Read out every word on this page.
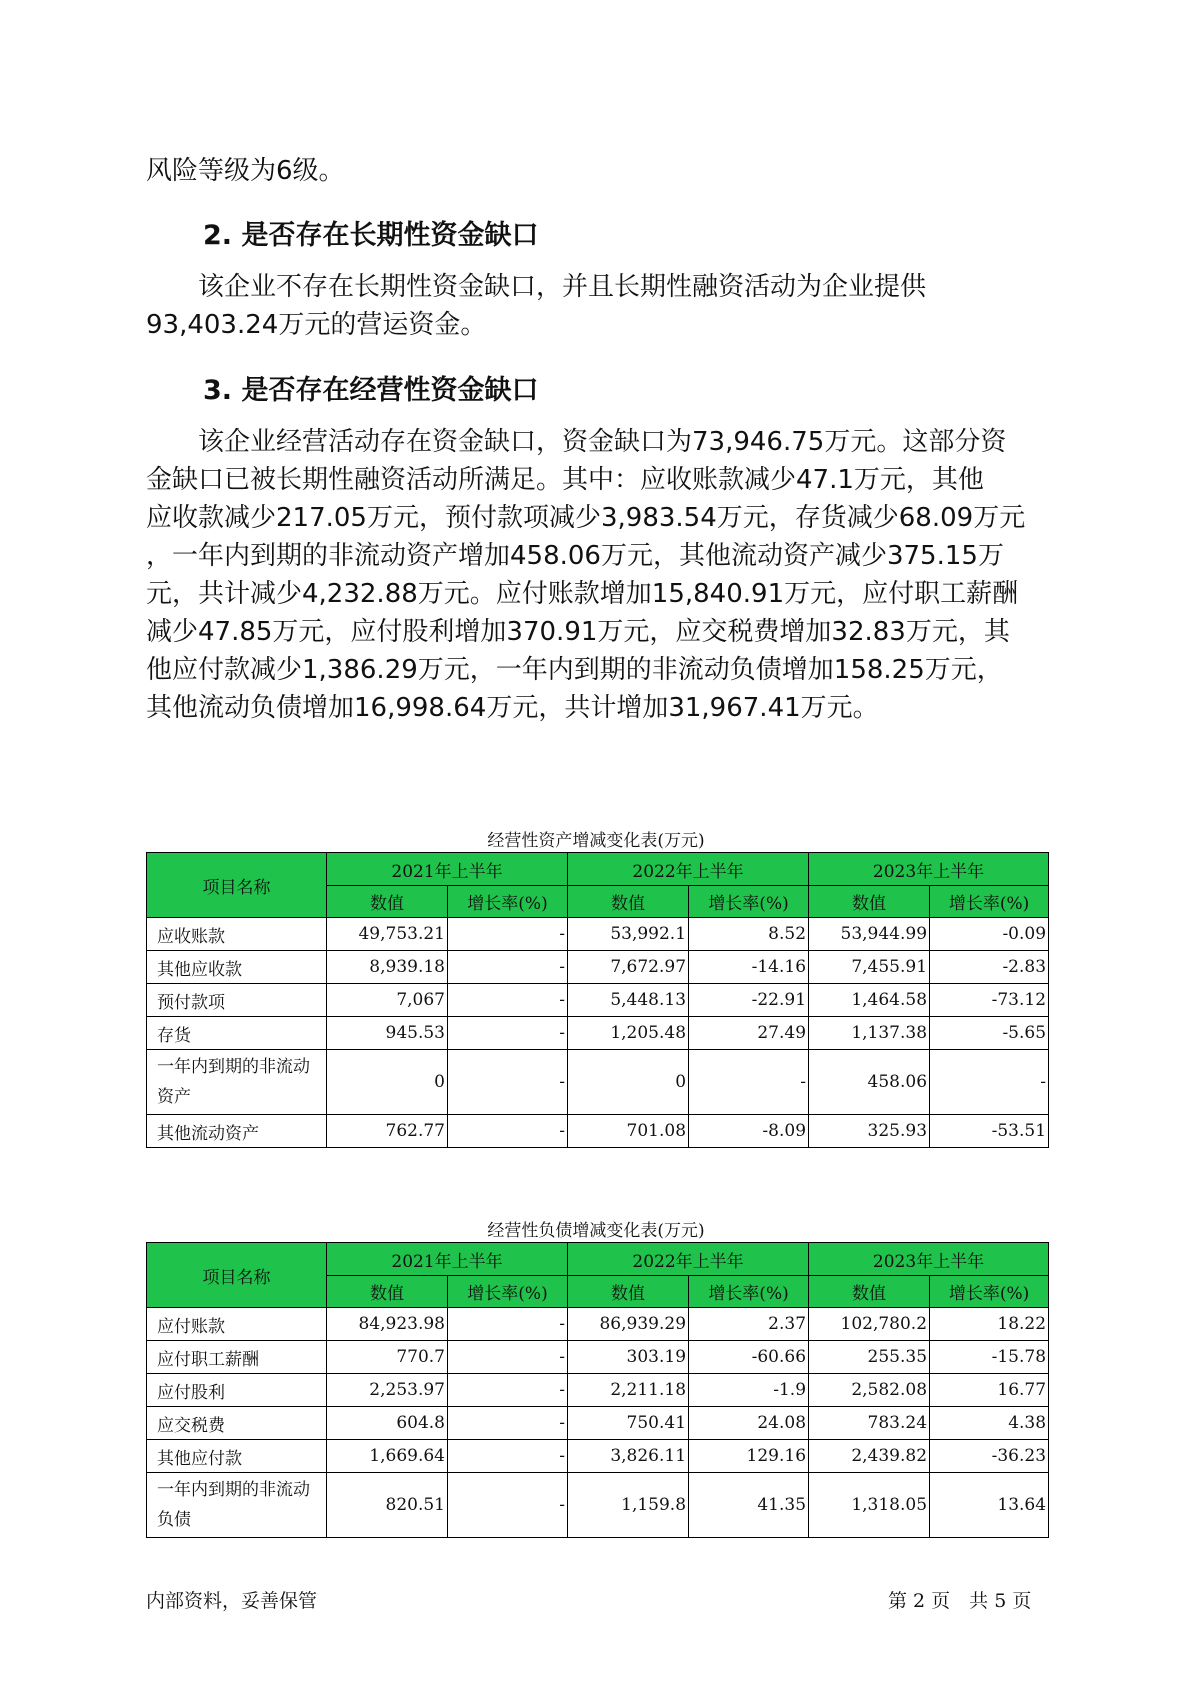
风险等级为6级。
2. 是否存在长期性资金缺口
　　该企业不存在长期性资金缺口，并且长期性融资活动为企业提供
93,403.24万元的营运资金。
3. 是否存在经营性资金缺口
　　该企业经营活动存在资金缺口，资金缺口为73,946.75万元。这部分资
金缺口已被长期性融资活动所满足。其中：应收账款减少47.1万元，其他
应收款减少217.05万元，预付款项减少3,983.54万元，存货减少68.09万元
，一年内到期的非流动资产增加458.06万元，其他流动资产减少375.15万
元，共计减少4,232.88万元。应付账款增加15,840.91万元，应付职工薪酬
减少47.85万元，应付股利增加370.91万元，应交税费增加32.83万元，其
他应付款减少1,386.29万元，一年内到期的非流动负债增加158.25万元，
其他流动负债增加16,998.64万元，共计增加31,967.41万元。
经营性资产增减变化表(万元)
项目名称	2021年上半年		2022年上半年		2023年上半年	
	数值	增长率(%)	数值	增长率(%)	数值	增长率(%)
应收账款	49,753.21	-	53,992.1	8.52	53,944.99	-0.09
其他应收款	8,939.18	-	7,672.97	-14.16	7,455.91	-2.83
预付款项	7,067	-	5,448.13	-22.91	1,464.58	-73.12
存货	945.53	-	1,205.48	27.49	1,137.38	-5.65
一年内到期的非流动资产	0	-	0	-	458.06	-
其他流动资产	762.77	-	701.08	-8.09	325.93	-53.51
经营性负债增减变化表(万元)
项目名称	2021年上半年		2022年上半年		2023年上半年	
	数值	增长率(%)	数值	增长率(%)	数值	增长率(%)
应付账款	84,923.98	-	86,939.29	2.37	102,780.2	18.22
应付职工薪酬	770.7	-	303.19	-60.66	255.35	-15.78
应付股利	2,253.97	-	2,211.18	-1.9	2,582.08	16.77
应交税费	604.8	-	750.41	24.08	783.24	4.38
其他应付款	1,669.64	-	3,826.11	129.16	2,439.82	-36.23
一年内到期的非流动负债	820.51	-	1,159.8	41.35	1,318.05	13.64
内部资料，妥善保管	第 2 页　共 5 页
